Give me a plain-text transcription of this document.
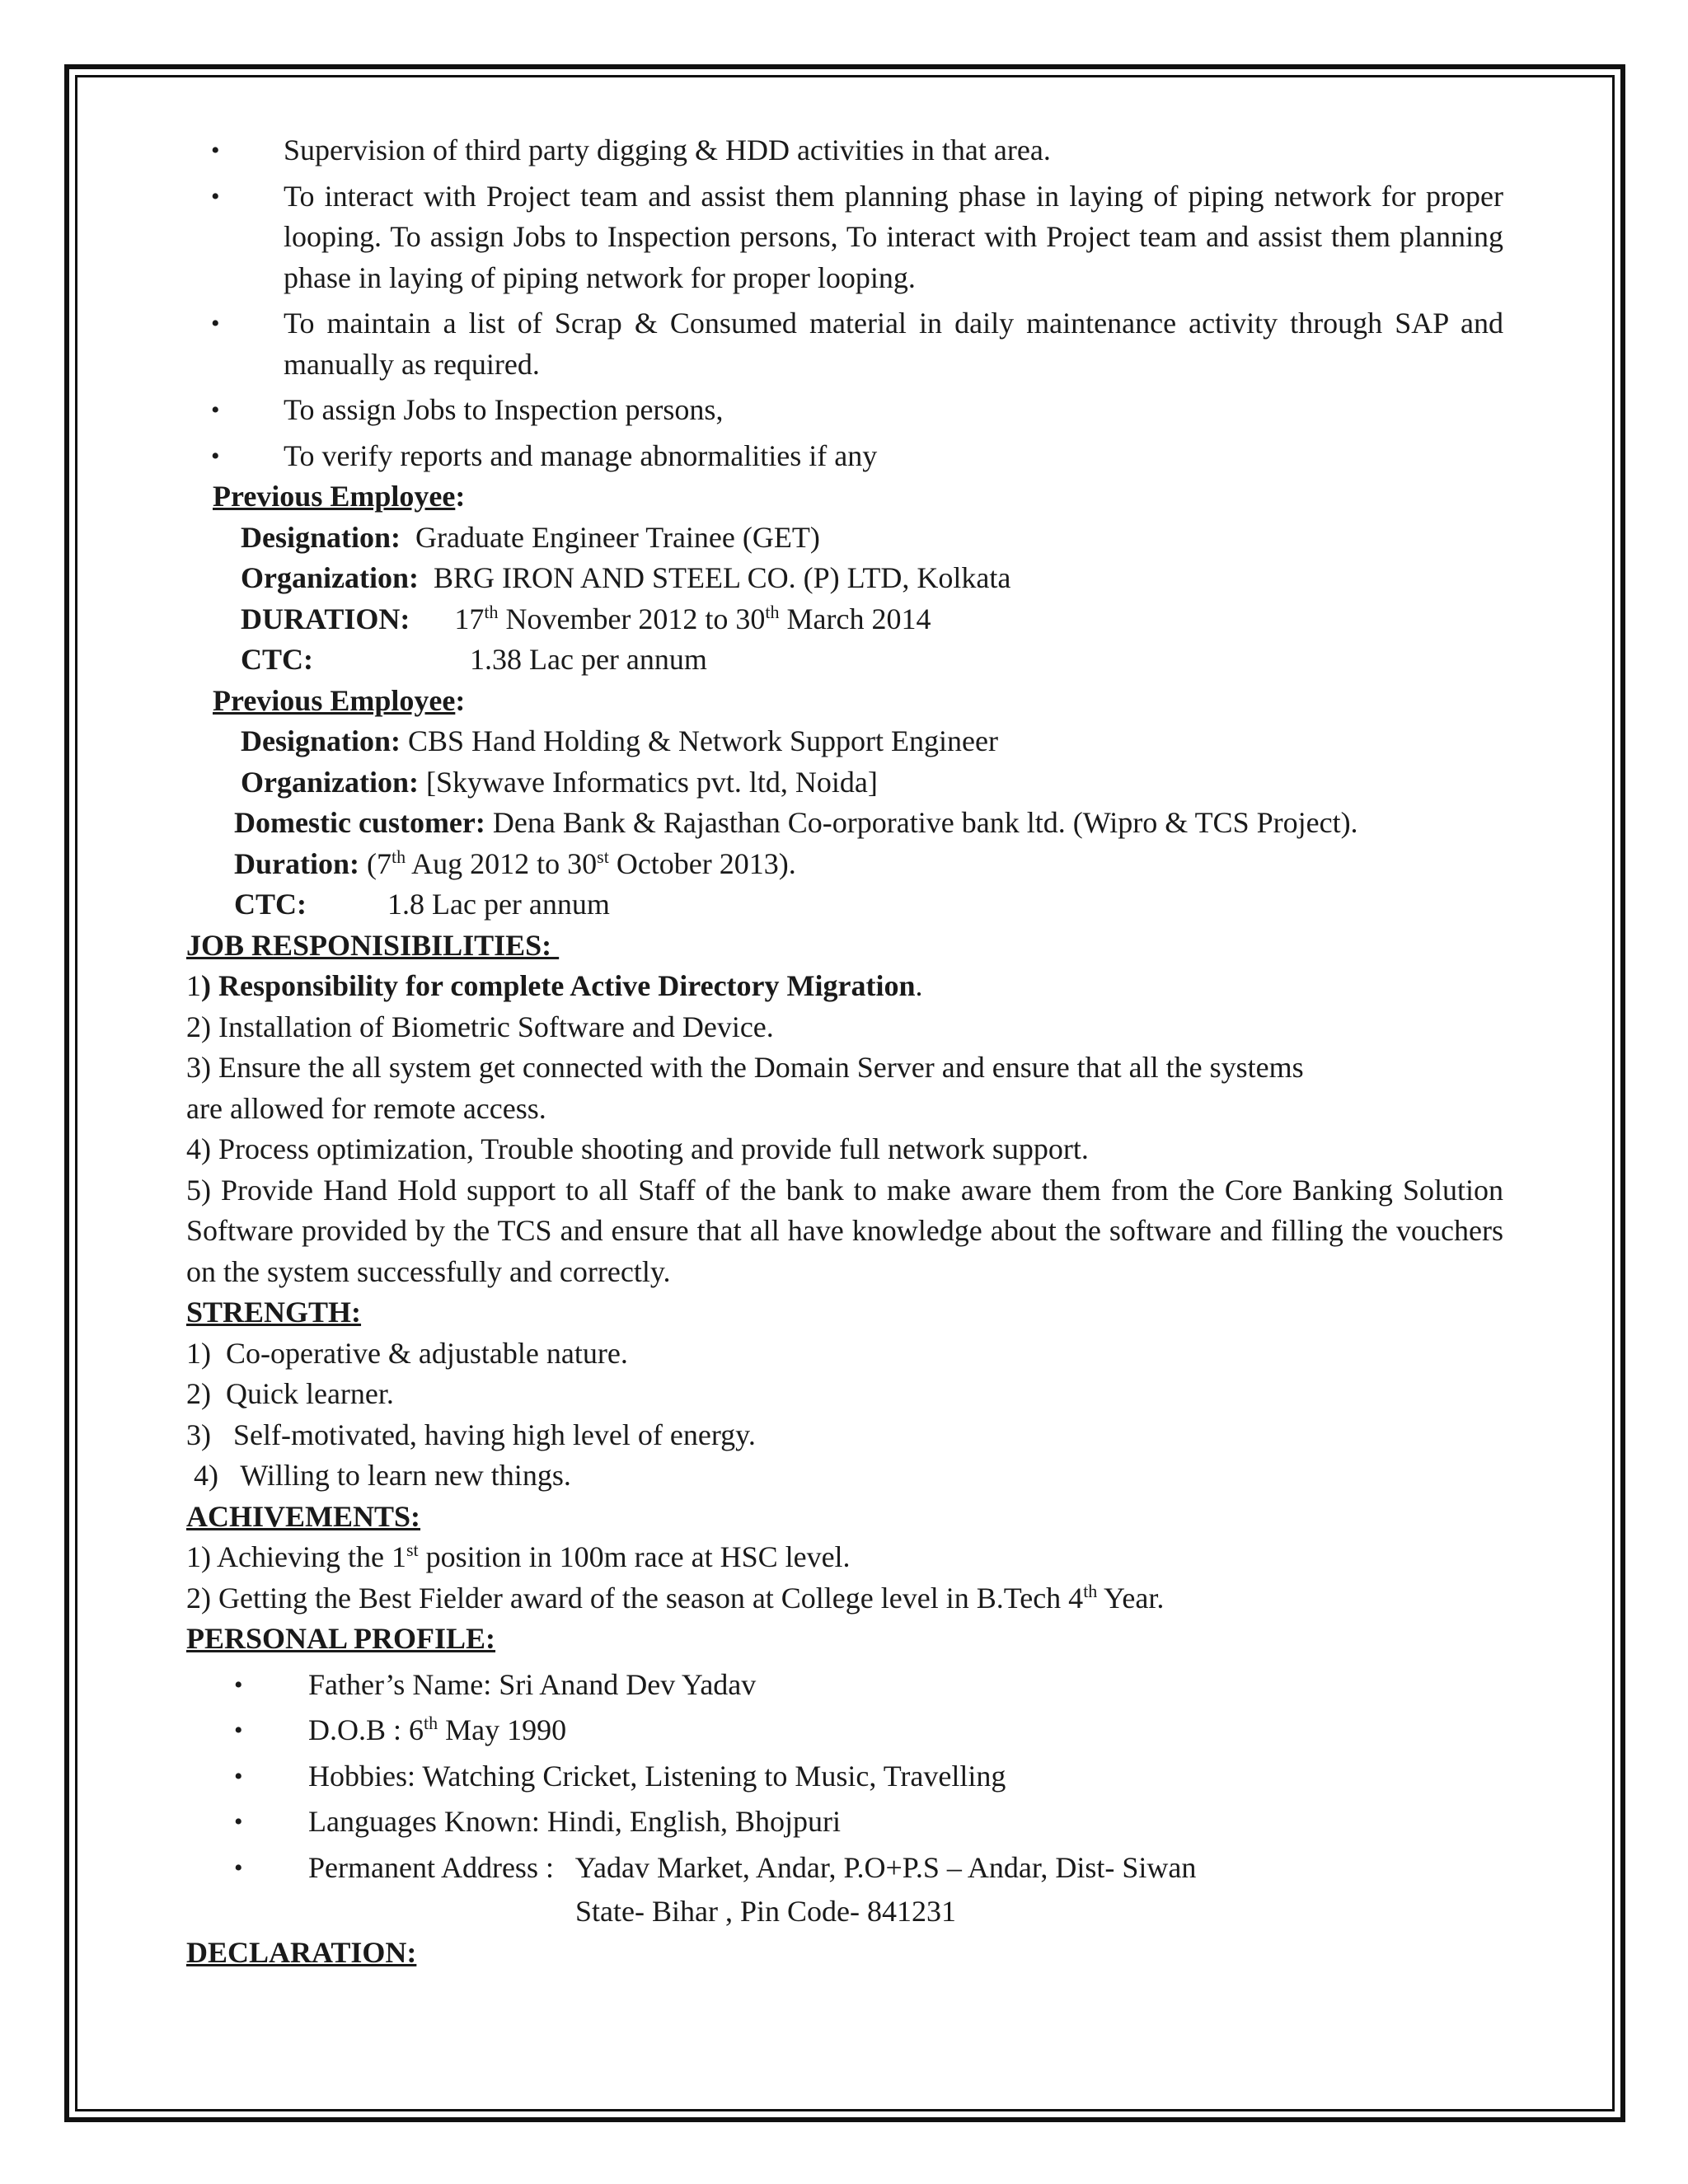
•	Supervision of third party digging & HDD activities in that area.
•	To interact with Project team and assist them planning phase in laying of piping network for proper looping. To assign Jobs to Inspection persons, To interact with Project team and assist them planning phase in laying of piping network for proper looping.
•	To maintain a list of Scrap & Consumed material in daily maintenance activity through SAP and manually as required.
•	To assign Jobs to Inspection persons,
•	To verify reports and manage abnormalities if any

Previous Employee:

Designation: Graduate Engineer Trainee (GET)

Organization: BRG IRON AND STEEL CO. (P) LTD, Kolkata

DURATION: 17th November 2012 to 30th March 2014

CTC:	1.38 Lac per annum

Previous Employee:

Designation: CBS Hand Holding & Network Support Engineer

Organization: [Skywave Informatics pvt. ltd, Noida]

Domestic customer: Dena Bank & Rajasthan Co-orporative bank ltd. (Wipro & TCS Project).

Duration: (7th Aug 2012 to 30st October 2013).

CTC:	1.8 Lac per annum

JOB RESPONISIBILITIES:

1) Responsibility for complete Active Directory Migration.

2) Installation of Biometric Software and Device.

3) Ensure the all system get connected with the Domain Server and ensure that all the systems

are allowed for remote access.

4) Process optimization, Trouble shooting and provide full network support.

5) Provide Hand Hold support to all Staff of the bank to make aware them from the Core Banking Solution Software provided by the TCS and ensure that all have knowledge about the software and filling the vouchers on the system successfully and correctly.

STRENGTH:

1)  Co-operative & adjustable nature.

2)  Quick learner.

3)   Self-motivated, having high level of energy.

4)   Willing to learn new things.

ACHIVEMENTS:

1) Achieving the 1st position in 100m race at HSC level.

2) Getting the Best Fielder award of the season at College level in B.Tech 4th Year.

PERSONAL PROFILE:

•	Father’s Name: Sri Anand Dev Yadav
•	D.O.B : 6th May 1990
•	Hobbies: Watching Cricket, Listening to Music, Travelling
•	Languages Known: Hindi, English, Bhojpuri
•	Permanent Address :   Yadav Market, Andar, P.O+P.S – Andar, Dist- Siwan

State- Bihar , Pin Code- 841231

DECLARATION:
